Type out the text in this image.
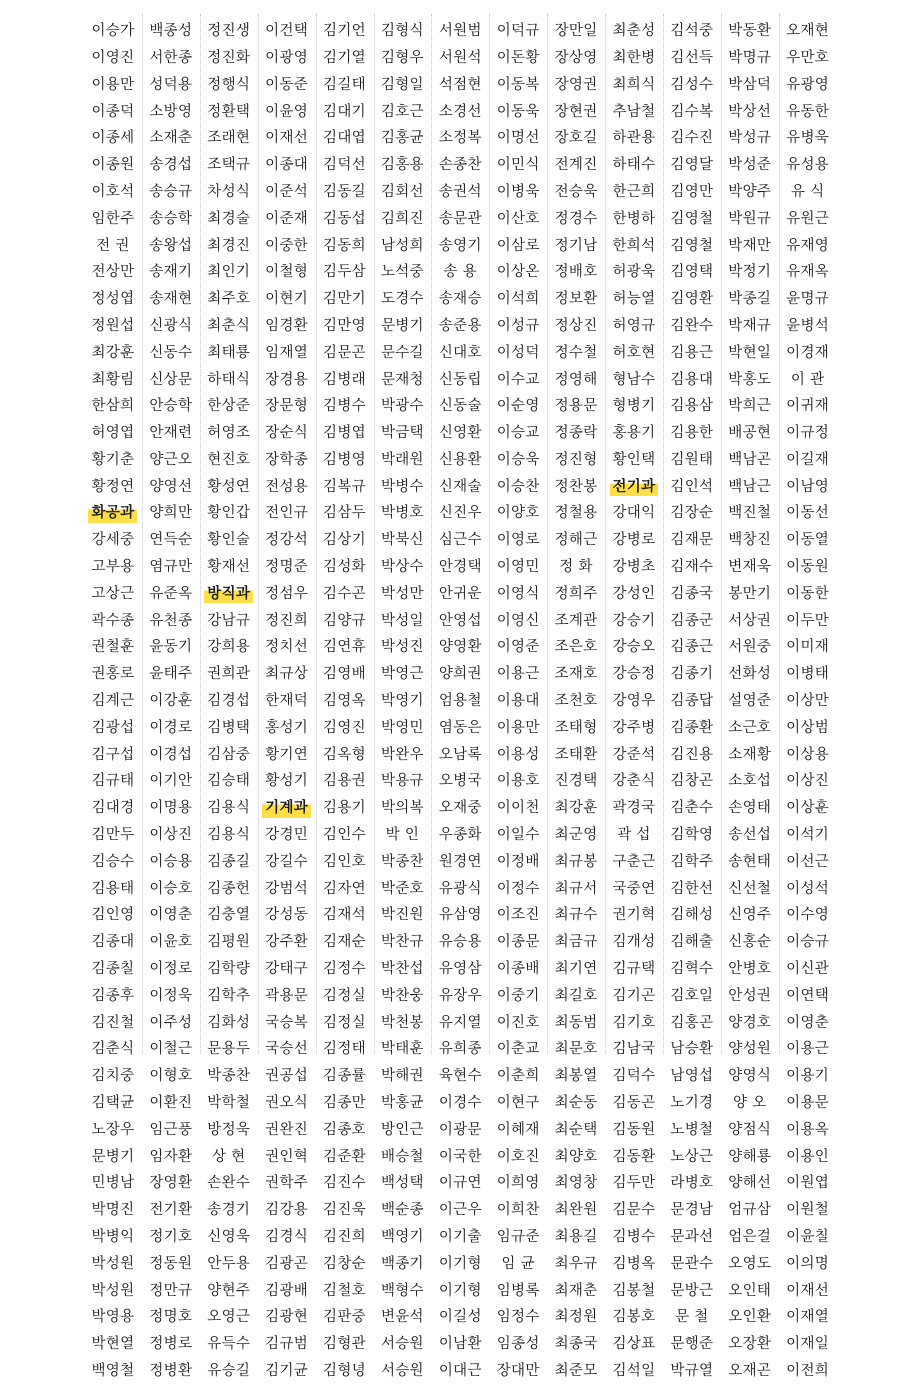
이승가 백종성 정진생 이건택 김기언 김형식 서원범 이덕규 장만일 최춘성 김석중 박동환 오재현
이영진 서한종 정진화 이광영 김기열 김형우 서원석 이돈황 장상영 최한병 김선득 박명규 우만호
이용만 성덕용 정행식 이동준 김길태 김형일 석점현 이동복 장영권 최희식 김성수 박삼덕 유광영
이종덕 소방영 정환택 이윤영 김대기 김호근 소경선 이동욱 장현권 추남철 김수복 박상선 유동한
이종세 소재춘 조래현 이재선 김대엽 김홍균 소정복 이명선 장호길 하관용 김수진 박성규 유병욱
이종원 송경섭 조택규 이종대 김덕선 김홍용 손종찬 이민식 전계진 하태수 김영달 박성준 유성용
이호석 송승규 차성식 이준석 김동길 김회선 송권석 이병욱 전승욱 한근희 김영만 박양주 유 식
임한주 송승학 최경술 이준재 김동섭 김희진 송문관 이산호 정경수 한병하 김영철 박원규 유원근
전 권 송왕섭 최경진 이중한 김동희 남성희 송영기 이삼로 정기남 한희석 김영철 박재만 유재영
전상만 송재기 최인기 이철형 김두삼 노석중 송 용 이상온 정배호 허광욱 김영택 박정기 유재옥
정성엽 송재현 최주호 이현기 김만기 도경수 송재승 이석희 정보환 허능열 김영환 박종길 윤명규
정원섭 신광식 최춘식 임경환 김만영 문병기 송준용 이성규 정상진 허영규 김완수 박재규 윤병석
최강훈 신동수 최태룡 임재열 김문곤 문수길 신대호 이성덕 정수철 허호현 김용근 박현일 이경재
최황림 신상문 하태식 장경용 김병래 문재청 신동립 이수교 정영해 형남수 김용대 박홍도 이 관
한삼희 안승학 한상준 장문형 김병수 박광수 신동술 이순영 정용문 형병기 김용삼 박희근 이귀재
허영엽 안재련 허영조 장순식 김병엽 박금택 신영환 이승교 정종락 홍용기 김용한 배공현 이규정
황기춘 양근오 현진호 장학종 김병영 박래원 신용환 이승욱 정진형 황인택 김원태 백남곤 이길재
황정연 양영선 황성연 전성용 김복규 박병수 신재술 이승찬 정찬봉 전기과 김인석 백남근 이남영
화공과 양희만 황인갑 전인규 김삼두 박병호 신진우 이양호 정철용 강대익 김장순 백진철 이동선
강세중 연득순 황인술 정강석 김상기 박북신 심근수 이영로 정해근 강병로 김재문 백창진 이동열
고부용 염규만 황재선 정명준 김성화 박상수 안경택 이영민 정 화 강병초 김재수 변재욱 이동원
고상근 유준옥 방직과 정섬우 김수곤 박성만 안귀운 이영식 정희주 강성인 김종국 봉만기 이동한
곽수종 유천종 강남규 정진희 김양규 박성일 안영섭 이영신 조계관 강승기 김종군 서상권 이두만
권철훈 윤동기 강희용 정치선 김연휴 박성진 양영환 이영준 조은호 강승오 김종근 서원중 이미재
권홍로 윤태주 권희관 최규상 김영배 박영근 양희권 이용근 조재호 강승정 김종기 선화성 이병태
김계근 이강훈 김경섭 한재덕 김영옥 박영기 엄용철 이용대 조천호 강영우 김종답 설영준 이상만
김광섭 이경로 김병택 홍성기 김영진 박영민 염동은 이용만 조태형 강주병 김종환 소근호 이상범
김구섭 이경섭 김삼중 황기연 김옥형 박완우 오남록 이용성 조태환 강준석 김진용 소재황 이상용
김규태 이기안 김승태 황성기 김용권 박용규 오병국 이용호 진경택 강춘식 김창곤 소호섭 이상진
김대경 이명용 김용식 기계과 김용기 박의복 오재중 이이천 최강훈 곽경국 김춘수 손영태 이상훈
김만두 이상진 김용식 강경민 김인수 박 인 우종화 이일수 최군영 곽 섭 김학영 송선섭 이석기
김승수 이승용 김종길 강길수 김인호 박종찬 원경연 이정배 최규봉 구춘근 김학주 송현태 이선근
김용태 이승호 김종헌 강범석 김자연 박준호 유광식 이정수 최규서 국중연 김한선 신선철 이성석
김인영 이영춘 김충열 강성동 김재석 박진원 유삼영 이조진 최규수 권기혁 김해성 신영주 이수영
김종대 이윤호 김평원 강주환 김재순 박찬규 유승용 이종문 최금규 김개성 김해출 신홍순 이승규
김종칠 이정로 김학량 강태구 김정수 박찬섭 유영삼 이종배 최기연 김규택 김혁수 안병호 이신관
김종후 이정욱 김학추 곽용문 김정실 박찬웅 유장우 이중기 최길호 김기곤 김호일 안성권 이연택
김진철 이주성 김화성 국승복 김정실 박천봉 유지열 이진호 최동범 김기호 김홍곤 양경호 이영춘
김춘식 이철근 문용두 국승선 김정태 박태훈 유희종 이춘교 최문호 김남국 남승환 양성원 이용근
김치중 이형호 박종찬 권공섭 김종률 박해권 육현수 이춘희 최봉열 김덕수 남영섭 양영식 이용기
김택균 이환진 박학철 권오식 김종만 박홍균 이경수 이현구 최순동 김동곤 노기경 양 오 이용문
노장우 임근풍 방정욱 권완진 김종호 방인근 이광문 이혜재 최순택 김동원 노병철 양점식 이용옥
문병기 임자환 상 현 권인혁 김준환 배승철 이국한 이호진 최양호 김동환 노상근 양해룡 이용인
민병남 장영환 손완수 권학주 김진수 백성택 이규연 이희영 최영창 김두만 라병호 양해선 이원엽
박명진 전기환 송경기 김강용 김진욱 백순종 이근우 이희찬 최완원 김문수 문경남 엄규삼 이원철
박병익 정기호 신영욱 김경식 김진희 백영기 이기출 임규준 최용길 김병수 문과선 엄은걸 이윤칠
박성원 정동원 안두용 김광곤 김창순 백종기 이기형 임 균 최우규 김병옥 문관수 오영도 이의명
박성원 정만규 양현주 김광배 김철호 백형수 이기형 임병록 최재춘 김봉철 문방근 오인태 이재선
박영용 정명호 오영근 김광현 김판중 변윤석 이길성 임정수 최정원 김봉호 문 철 오인환 이재열
박현열 정병로 유득수 김규범 김형관 서승원 이남환 임종성 최종국 김상표 문행준 오장환 이재일
백영철 정병환 유승길 김기균 김형녕 서승원 이대근 장대만 최준모 김석일 박규열 오재곤 이전희
